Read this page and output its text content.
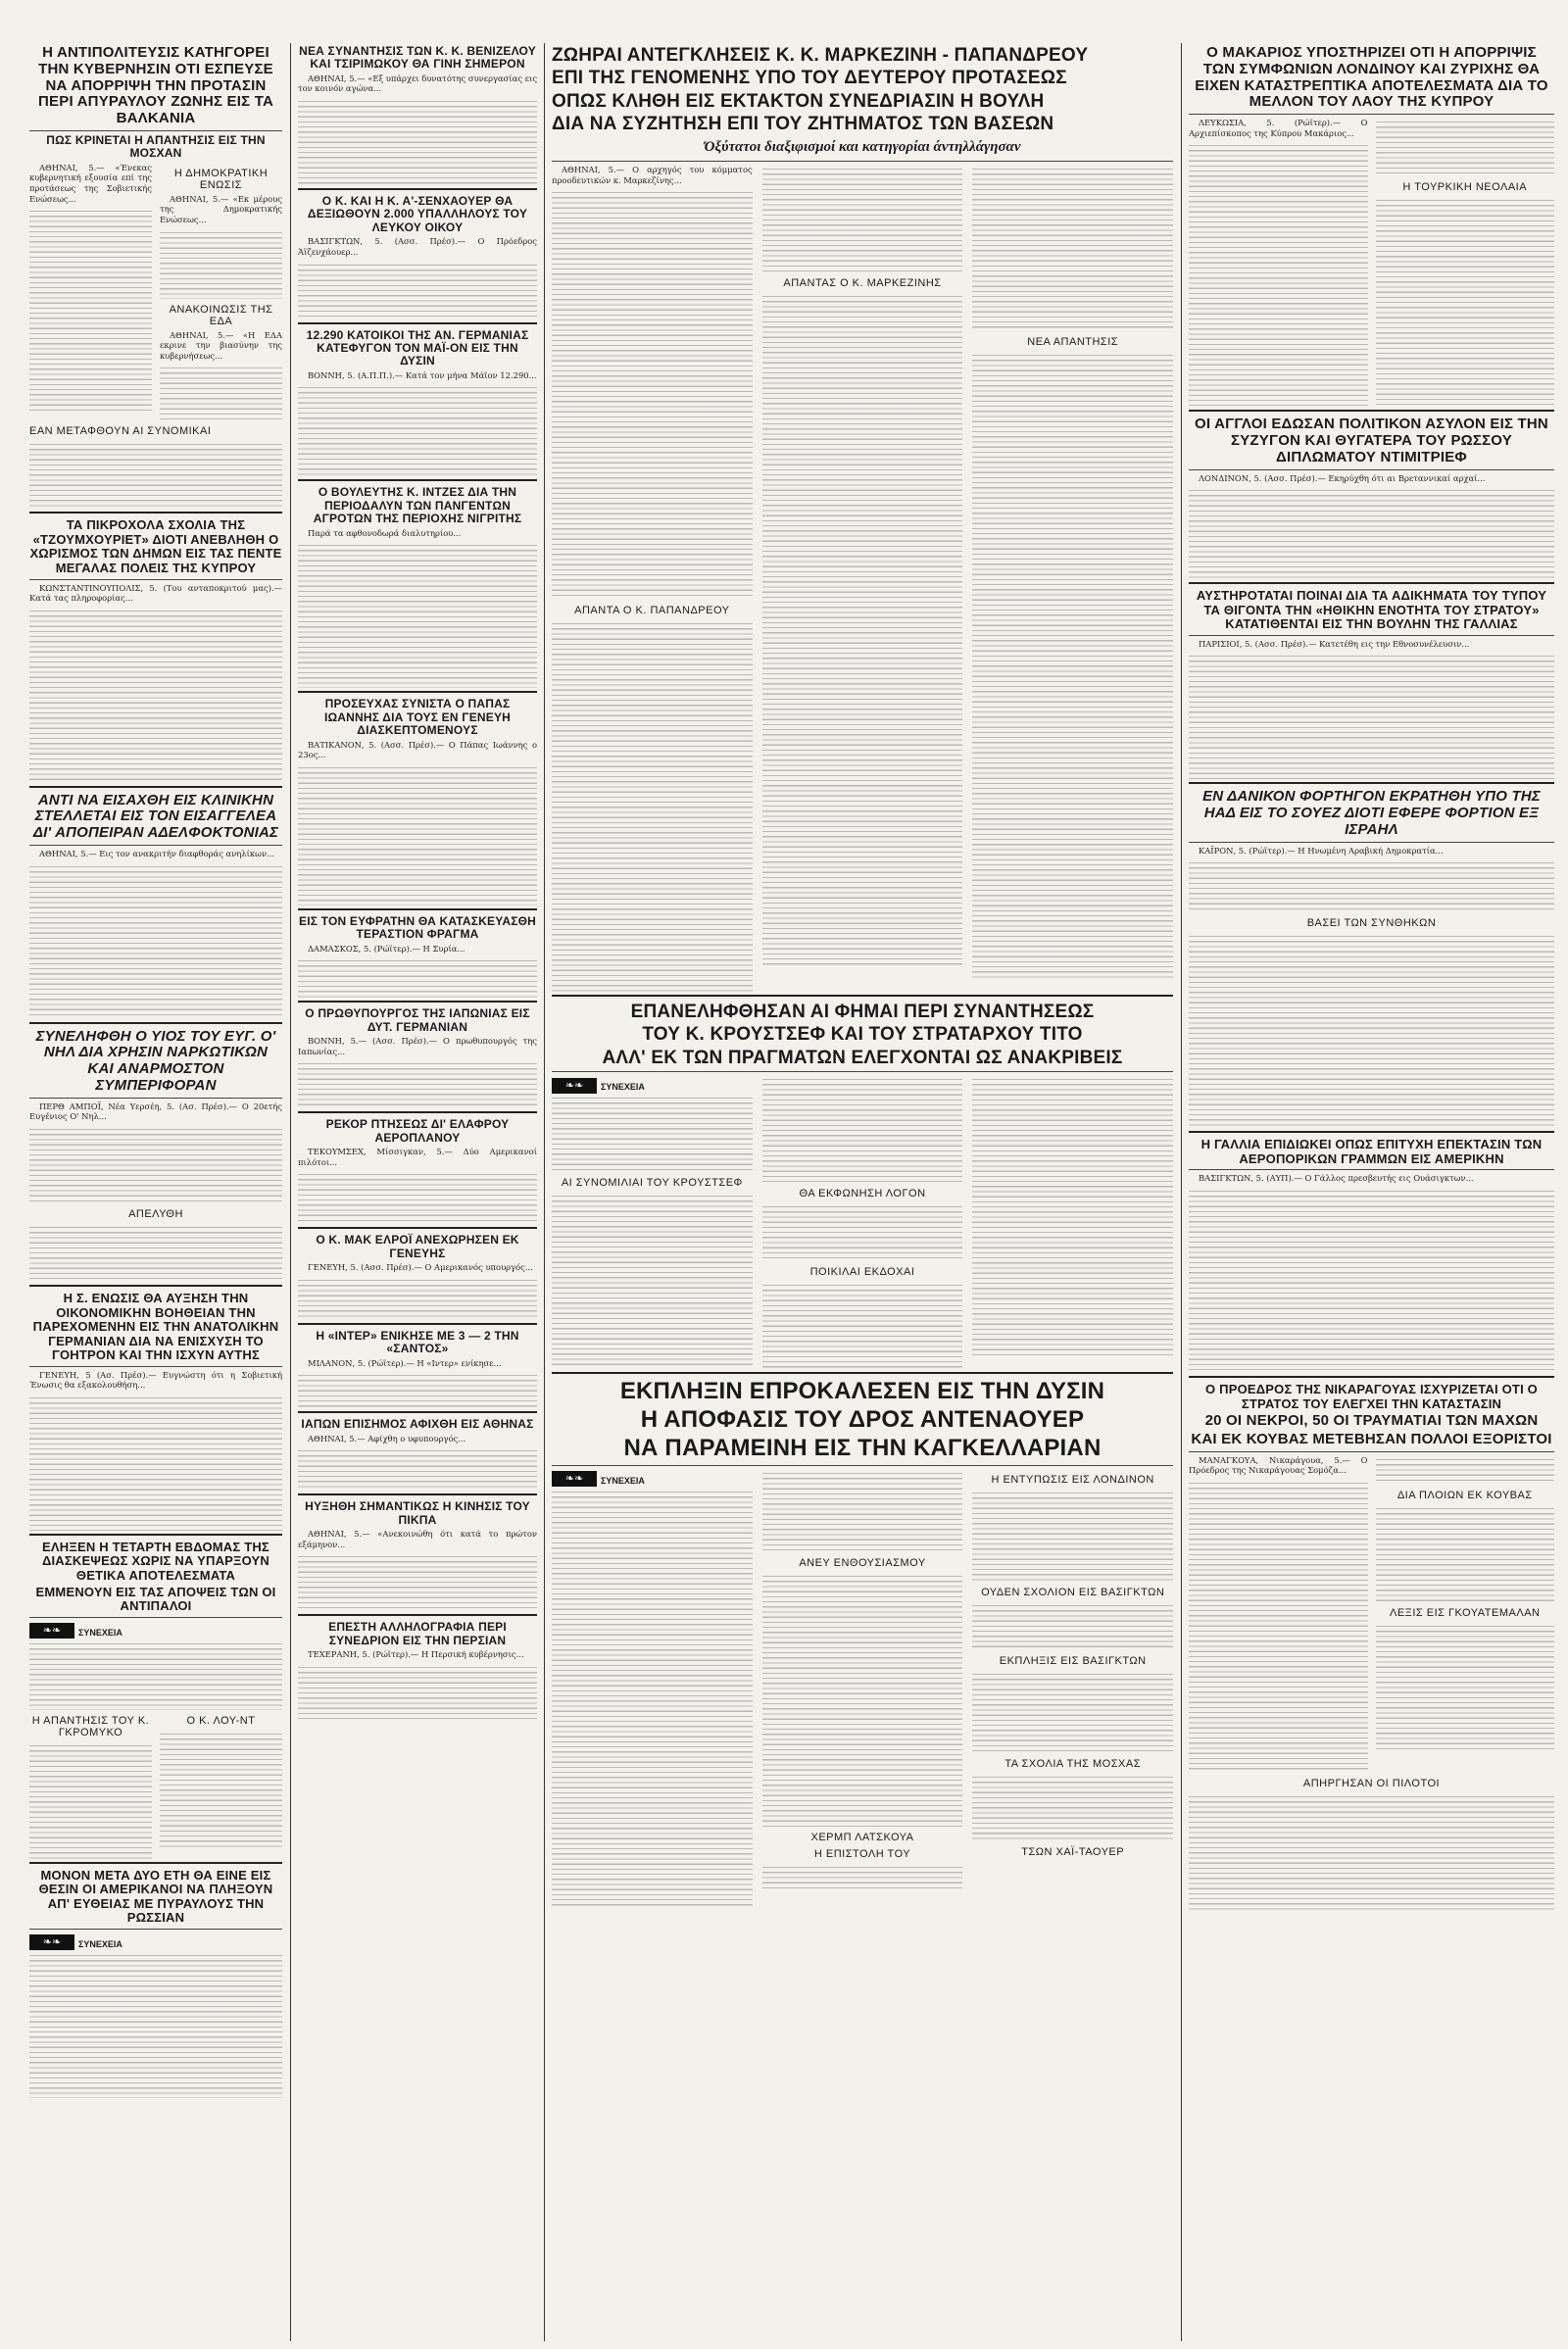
Η ΑΝΤΙΠΟΛΙΤΕΥΣΙΣ ΚΑΤΗΓΟΡΕΙ ΤΗΝ ΚΥΒΕΡΝΗΣΙΝ ΟΤΙ ΕΣΠΕΥΣΕ ΝΑ ΑΠΟΡΡΙΨΗ ΤΗΝ ΠΡΟΤΑΣΙΝ ΠΕΡΙ ΑΠΥΡΑΥΛΟΥ ΖΩΝΗΣ ΕΙΣ ΤΑ ΒΑΛΚΑΝΙΑ
ΠΩΣ ΚΡΙΝΕΤΑΙ Η ΑΠΑΝΤΗΣΙΣ ΕΙΣ ΤΗΝ ΜΟΣΧΑΝ

ΑΘΗΝΑΙ, 5.— «Ένεκας κυβερνητική εξουσία επί της προτάσεως της Σοβιετικής Ενώσεως...

Η ΔΗΜΟΚΡΑΤΙΚΗ ΕΝΩΣΙΣ

ΑΘΗΝΑΙ, 5.— «Εκ μέρους της Δημοκρατικής Ενώσεως...

ΑΝΑΚΟΙΝΩΣΙΣ ΤΗΣ ΕΔΑ

ΑΘΗΝΑΙ, 5.— «Η ΕΔΑ εκρινε την βιασύνην της κυβερνήσεως...

ΕΑΝ ΜΕΤΑΦΘΟΥΝ ΑΙ ΣΥΝΟΜΙΚΑΙ
ΤΑ ΠΙΚΡΟΧΟΛΑ ΣΧΟΛΙΑ ΤΗΣ «ΤΖΟΥΜΧΟΥΡΙΕΤ» ΔΙΟΤΙ ΑΝΕΒΛΗΘΗ Ο ΧΩΡΙΣΜΟΣ ΤΩΝ ΔΗΜΩΝ ΕΙΣ ΤΑΣ ΠΕΝΤΕ ΜΕΓΑΛΑΣ ΠΟΛΕΙΣ ΤΗΣ ΚΥΠΡΟΥ

ΚΩΝΣΤΑΝΤΙΝΟΥΠΟΛΙΣ, 5. (Του ανταποκριτού μας).— Κατά τας πληροφορίας...

ΑΝΤΙ ΝΑ ΕΙΣΑΧΘΗ ΕΙΣ ΚΛΙΝΙΚΗΝ ΣΤΕΛΛΕΤΑΙ ΕΙΣ ΤΟΝ ΕΙΣΑΓΓΕΛΕΑ ΔΙ' ΑΠΟΠΕΙΡΑΝ ΑΔΕΛΦΟΚΤΟΝΙΑΣ

ΑΘΗΝΑΙ, 5.— Εις τον ανακριτήν διαφθοράς ανηλίκων...

ΣΥΝΕΛΗΦΘΗ Ο ΥΙΟΣ ΤΟΥ ΕΥΓ. Ο' ΝΗΛ ΔΙΑ ΧΡΗΣΙΝ ΝΑΡΚΩΤΙΚΩΝ ΚΑΙ ΑΝΑΡΜΟΣΤΟΝ ΣΥΜΠΕΡΙΦΟΡΑΝ

ΠΕΡΘ ΑΜΠΟΪ, Νέα Υερσέη, 5. (Ασ. Πρέσ).— Ο 20ετής Ευγένιος Ο' Νηλ...

ΑΠΕΛΥΘΗ
Η Σ. ΕΝΩΣΙΣ ΘΑ ΑΥΞΗΣΗ ΤΗΝ ΟΙΚΟΝΟΜΙΚΗΝ ΒΟΗΘΕΙΑΝ ΤΗΝ ΠΑΡΕΧΟΜΕΝΗΝ ΕΙΣ ΤΗΝ ΑΝΑΤΟΛΙΚΗΝ ΓΕΡΜΑΝΙΑΝ ΔΙΑ ΝΑ ΕΝΙΣΧΥΣΗ ΤΟ ΓΟΗΤΡΟΝ ΚΑΙ ΤΗΝ ΙΣΧΥΝ ΑΥΤΗΣ

ΓΕΝΕΥΗ, 5 (Ασ. Πρέσ).— Ευγνώστη ότι η Σοβιετική Ένωσις θα εξακολουθήση...

ΕΛΗΞΕΝ Η ΤΕΤΑΡΤΗ ΕΒΔΟΜΑΣ ΤΗΣ ΔΙΑΣΚΕΨΕΩΣ ΧΩΡΙΣ ΝΑ ΥΠΑΡΞΟΥΝ ΘΕΤΙΚΑ ΑΠΟΤΕΛΕΣΜΑΤΑ
ΕΜΜΕΝΟΥΝ ΕΙΣ ΤΑΣ ΑΠΟΨΕΙΣ ΤΩΝ ΟΙ ΑΝΤΙΠΑΛΟΙ
❧❧ ΣΥΝΕΧΕΙΑ
Η ΑΠΑΝΤΗΣΙΣ ΤΟΥ Κ. ΓΚΡΟΜΥΚΟ
Ο Κ. ΛΟΥ-ΝΤ
ΜΟΝΟΝ ΜΕΤΑ ΔΥΟ ΕΤΗ ΘΑ ΕΙΝΕ ΕΙΣ ΘΕΣΙΝ ΟΙ ΑΜΕΡΙΚΑΝΟΙ ΝΑ ΠΛΗΞΟΥΝ ΑΠ' ΕΥΘΕΙΑΣ ΜΕ ΠΥΡΑΥΛΟΥΣ ΤΗΝ ΡΩΣΣΙΑΝ
❧❧ ΣΥΝΕΧΕΙΑ
ΝΕΑ ΣΥΝΑΝΤΗΣΙΣ ΤΩΝ Κ. Κ. ΒΕΝΙΖΕΛΟΥ ΚΑΙ ΤΣΙΡΙΜΩΚΟΥ ΘΑ ΓΙΝΗ ΣΗΜΕΡΟΝ

ΑΘΗΝΑΙ, 5.— «Εξ υπάρχει δυνατότης συνεργασίας εις τον κοινόν αγώνα...

Ο Κ. ΚΑΙ Η Κ. Α'-ΣΕΝΧΑΟΥΕΡ ΘΑ ΔΕΞΙΩΘΟΥΝ 2.000 ΥΠΑΛΛΗΛΟΥΣ ΤΟΥ ΛΕΥΚΟΥ ΟΙΚΟΥ

ΒΑΣΙΓΚΤΩΝ, 5. (Ασσ. Πρέσ).— Ο Πρόεδρος Άϊζενχάουερ...

12.290 ΚΑΤΟΙΚΟΙ ΤΗΣ ΑΝ. ΓΕΡΜΑΝΙΑΣ ΚΑΤΕΦΥΓΟΝ ΤΟΝ ΜΑΪ-ΟΝ ΕΙΣ ΤΗΝ ΔΥΣΙΝ

ΒΟΝΝΗ, 5. (Α.Π.Π.).— Κατά τον μήνα Μάϊον 12.290...

Ο ΒΟΥΛΕΥΤΗΣ Κ. ΙΝΤΖΕΣ ΔΙΑ ΤΗΝ ΠΕΡΙΟΔΑΛΥΝ ΤΩΝ ΠΑΝΓΕΝΤΩΝ ΑΓΡΟΤΩΝ ΤΗΣ ΠΕΡΙΟΧΗΣ ΝΙΓΡΙΤΗΣ

Παρά τα αφθονοδωρά διαλυτηρίου...

ΠΡΟΣΕΥΧΑΣ ΣΥΝΙΣΤΑ Ο ΠΑΠΑΣ ΙΩΑΝΝΗΣ ΔΙΑ ΤΟΥΣ ΕΝ ΓΕΝΕΥΗ ΔΙΑΣΚΕΠΤΟΜΕΝΟΥΣ

ΒΑΤΙΚΑΝΟΝ, 5. (Ασσ. Πρέσ).— Ο Πάπας Ιωάννης ο 23ος...

ΕΙΣ ΤΟΝ ΕΥΦΡΑΤΗΝ ΘΑ ΚΑΤΑΣΚΕΥΑΣΘΗ ΤΕΡΑΣΤΙΟΝ ΦΡΑΓΜΑ

ΔΑΜΑΣΚΟΣ, 5. (Ρώϊτερ).— Η Συρία...

Ο ΠΡΩΘΥΠΟΥΡΓΟΣ ΤΗΣ ΙΑΠΩΝΙΑΣ ΕΙΣ ΔΥΤ. ΓΕΡΜΑΝΙΑΝ

ΒΟΝΝΗ, 5.— (Ασσ. Πρέσ).— Ο πρωθυπουργός της Ιαπωνίας...

ΡΕΚΟΡ ΠΤΗΣΕΩΣ ΔΙ' ΕΛΑΦΡΟΥ ΑΕΡΟΠΛΑΝΟΥ

ΤΕΚΟΥΜΣΕΧ, Μίσσιγκαν, 5.— Δύο Αμερικανοί πιλότοι...

Ο Κ. ΜΑΚ ΕΛΡΟΪ ΑΝΕΧΩΡΗΣΕΝ ΕΚ ΓΕΝΕΥΗΣ

ΓΕΝΕΥΗ, 5. (Ασσ. Πρέσ).— Ο Αμερικανός υπουργός...

Η «ΙΝΤΕΡ» ΕΝΙΚΗΣΕ ΜΕ 3 — 2 ΤΗΝ «ΣΑΝΤΟΣ»

ΜΙΛΑΝΟΝ, 5. (Ρώϊτερ).— Η «Ιντερ» ενίκησε...

ΙΑΠΩΝ ΕΠΙΣΗΜΟΣ ΑΦΙΧΘΗ ΕΙΣ ΑΘΗΝΑΣ

ΑΘΗΝΑΙ, 5.— Αφίχθη ο υφυπουργός...

ΗΥΞΗΘΗ ΣΗΜΑΝΤΙΚΩΣ Η ΚΙΝΗΣΙΣ ΤΟΥ ΠΙΚΠΑ

ΑΘΗΝΑΙ, 5.— «Ανεκοινώθη ότι κατά το πρώτον εξάμηνον...

ΕΠΕΣΤΗ ΑΛΛΗΛΟΓΡΑΦΙΑ ΠΕΡΙ ΣΥΝΕΔΡΙΟΝ ΕΙΣ ΤΗΝ ΠΕΡΣΙΑΝ

ΤΕΧΕΡΑΝΗ, 5. (Ρώϊτερ).— Η Περσική κυβέρνησις...

ΖΩΗΡΑΙ ΑΝΤΕΓΚΛΗΣΕΙΣ Κ. Κ. ΜΑΡΚΕΖΙΝΗ - ΠΑΠΑΝΔΡΕΟΥ
ΕΠΙ ΤΗΣ ΓΕΝΟΜΕΝΗΣ ΥΠΟ ΤΟΥ ΔΕΥΤΕΡΟΥ ΠΡΟΤΑΣΕΩΣ
ΟΠΩΣ ΚΛΗΘΗ ΕΙΣ ΕΚΤΑΚΤΟΝ ΣΥΝΕΔΡΙΑΣΙΝ Η ΒΟΥΛΗ
ΔΙΑ ΝΑ ΣΥΖΗΤΗΣΗ ΕΠΙ ΤΟΥ ΖΗΤΗΜΑΤΟΣ ΤΩΝ ΒΑΣΕΩΝ
Όξύτατοι διαξιφισμοί και κατηγορίαι άντηλλάγησαν

ΑΘΗΝΑΙ, 5.— Ο αρχηγός του κόμματος προοδευτικών κ. Μαρκεζίνης...

ΑΠΑΝΤΑ Ο Κ. ΠΑΠΑΝΔΡΕΟΥ
ΑΠΑΝΤΑΣ Ο Κ. ΜΑΡΚΕΖΙΝΗΣ
ΝΕΑ ΑΠΑΝΤΗΣΙΣ
ΕΠΑΝΕΛΗΦΘΗΣΑΝ ΑΙ ΦΗΜΑΙ ΠΕΡΙ ΣΥΝΑΝΤΗΣΕΩΣ
ΤΟΥ Κ. ΚΡΟΥΣΤΣΕΦ ΚΑΙ ΤΟΥ ΣΤΡΑΤΑΡΧΟΥ ΤΙΤΟ
ΑΛΛ' ΕΚ ΤΩΝ ΠΡΑΓΜΑΤΩΝ ΕΛΕΓΧΟΝΤΑΙ ΩΣ ΑΝΑΚΡΙΒΕΙΣ
❧❧ ΣΥΝΕΧΕΙΑ
ΑΙ ΣΥΝΟΜΙΛΙΑΙ ΤΟΥ ΚΡΟΥΣΤΣΕΦ
ΘΑ ΕΚΦΩΝΗΣΗ ΛΟΓΟΝ
ΠΟΙΚΙΛΑΙ ΕΚΔΟΧΑΙ
ΕΚΠΛΗΞΙΝ ΕΠΡΟΚΑΛΕΣΕΝ ΕΙΣ ΤΗΝ ΔΥΣΙΝ
Η ΑΠΟΦΑΣΙΣ ΤΟΥ ΔΡΟΣ ΑΝΤΕΝΑΟΥΕΡ
ΝΑ ΠΑΡΑΜΕΙΝΗ ΕΙΣ ΤΗΝ ΚΑΓΚΕΛΛΑΡΙΑΝ
❧❧ ΣΥΝΕΧΕΙΑ
ΑΝΕΥ ΕΝΘΟΥΣΙΑΣΜΟΥ
ΧΕΡΜΠ ΛΑΤΣΚΟΥΑ
Η ΕΠΙΣΤΟΛΗ ΤΟΥ
Η ΕΝΤΥΠΩΣΙΣ ΕΙΣ ΛΟΝΔΙΝΟΝ
ΟΥΔΕΝ ΣΧΟΛΙΟΝ ΕΙΣ ΒΑΣΙΓΚΤΩΝ
ΕΚΠΛΗΞΙΣ ΕΙΣ ΒΑΣΙΓΚΤΩΝ
ΤΑ ΣΧΟΛΙΑ ΤΗΣ ΜΟΣΧΑΣ
ΤΣΩΝ ΧΑΪ-ΤΑΟΥΕΡ
Ο ΜΑΚΑΡΙΟΣ ΥΠΟΣΤΗΡΙΖΕΙ ΟΤΙ Η ΑΠΟΡΡΙΨΙΣ ΤΩΝ ΣΥΜΦΩΝΙΩΝ ΛΟΝΔΙΝΟΥ ΚΑΙ ΖΥΡΙΧΗΣ ΘΑ ΕΙΧΕΝ ΚΑΤΑΣΤΡΕΠΤΙΚΑ ΑΠΟΤΕΛΕΣΜΑΤΑ ΔΙΑ ΤΟ ΜΕΛΛΟΝ ΤΟΥ ΛΑΟΥ ΤΗΣ ΚΥΠΡΟΥ

ΛΕΥΚΩΣΙΑ, 5. (Ρώϊτερ).— Ο Αρχιεπίσκοπος της Κύπρου Μακάριος...

Η ΤΟΥΡΚΙΚΗ ΝΕΟΛΑΙΑ
ΟΙ ΑΓΓΛΟΙ ΕΔΩΣΑΝ ΠΟΛΙΤΙΚΟΝ ΑΣΥΛΟΝ ΕΙΣ ΤΗΝ ΣΥΖΥΓΟΝ ΚΑΙ ΘΥΓΑΤΕΡΑ ΤΟΥ ΡΩΣΣΟΥ ΔΙΠΛΩΜΑΤΟΥ ΝΤΙΜΙΤΡΙΕΦ

ΛΟΝΔΙΝΟΝ, 5. (Ασσ. Πρέσ).— Εκηρύχθη ότι αι Βρεταννικαί αρχαί...

ΑΥΣΤΗΡΟΤΑΤΑΙ ΠΟΙΝΑΙ ΔΙΑ ΤΑ ΑΔΙΚΗΜΑΤΑ ΤΟΥ ΤΥΠΟΥ ΤΑ ΘΙΓΟΝΤΑ ΤΗΝ «ΗΘΙΚΗΝ ΕΝΟΤΗΤΑ ΤΟΥ ΣΤΡΑΤΟΥ» ΚΑΤΑΤΙΘΕΝΤΑΙ ΕΙΣ ΤΗΝ ΒΟΥΛΗΝ ΤΗΣ ΓΑΛΛΙΑΣ

ΠΑΡΙΣΙΟΙ, 5. (Ασσ. Πρέσ).— Κατετέθη εις την Εθνοσυνέλευσιν...

ΕΝ ΔΑΝΙΚΟΝ ΦΟΡΤΗΓΟΝ ΕΚΡΑΤΗΘΗ ΥΠΟ ΤΗΣ ΗΑΔ ΕΙΣ ΤΟ ΣΟΥΕΖ ΔΙΟΤΙ ΕΦΕΡΕ ΦΟΡΤΙΟΝ ΕΞ ΙΣΡΑΗΛ

ΚΑΪΡΟΝ, 5. (Ρώϊτερ).— Η Ηνωμένη Αραβική Δημοκρατία...

ΒΑΣΕΙ ΤΩΝ ΣΥΝΘΗΚΩΝ
Η ΓΑΛΛΙΑ ΕΠΙΔΙΩΚΕΙ ΟΠΩΣ ΕΠΙΤΥΧΗ ΕΠΕΚΤΑΣΙΝ ΤΩΝ ΑΕΡΟΠΟΡΙΚΩΝ ΓΡΑΜΜΩΝ ΕΙΣ ΑΜΕΡΙΚΗΝ

ΒΑΣΙΓΚΤΩΝ, 5. (ΑΥΠ).— Ο Γάλλος πρεσβευτής εις Ουάσιγκτων...

Ο ΠΡΟΕΔΡΟΣ ΤΗΣ ΝΙΚΑΡΑΓΟΥΑΣ ΙΣΧΥΡΙΖΕΤΑΙ ΟΤΙ Ο ΣΤΡΑΤΟΣ ΤΟΥ ΕΛΕΓΧΕΙ ΤΗΝ ΚΑΤΑΣΤΑΣΙΝ
20 ΟΙ ΝΕΚΡΟΙ, 50 ΟΙ ΤΡΑΥΜΑΤΙΑΙ ΤΩΝ ΜΑΧΩΝ
ΚΑΙ ΕΚ ΚΟΥΒΑΣ ΜΕΤΕΒΗΣΑΝ ΠΟΛΛΟΙ ΕΞΟΡΙΣΤΟΙ

ΜΑΝΑΓΚΟΥΑ, Νικαράγουα, 5.— Ο Πρόεδρος της Νικαράγουας Σομόζα...

ΔΙΑ ΠΛΟΙΩΝ ΕΚ ΚΟΥΒΑΣ
ΛΕΞΙΣ ΕΙΣ ΓΚΟΥΑΤΕΜΑΛΑΝ
ΑΠΗΡΓΗΣΑΝ ΟΙ ΠΙΛΟΤΟΙ
